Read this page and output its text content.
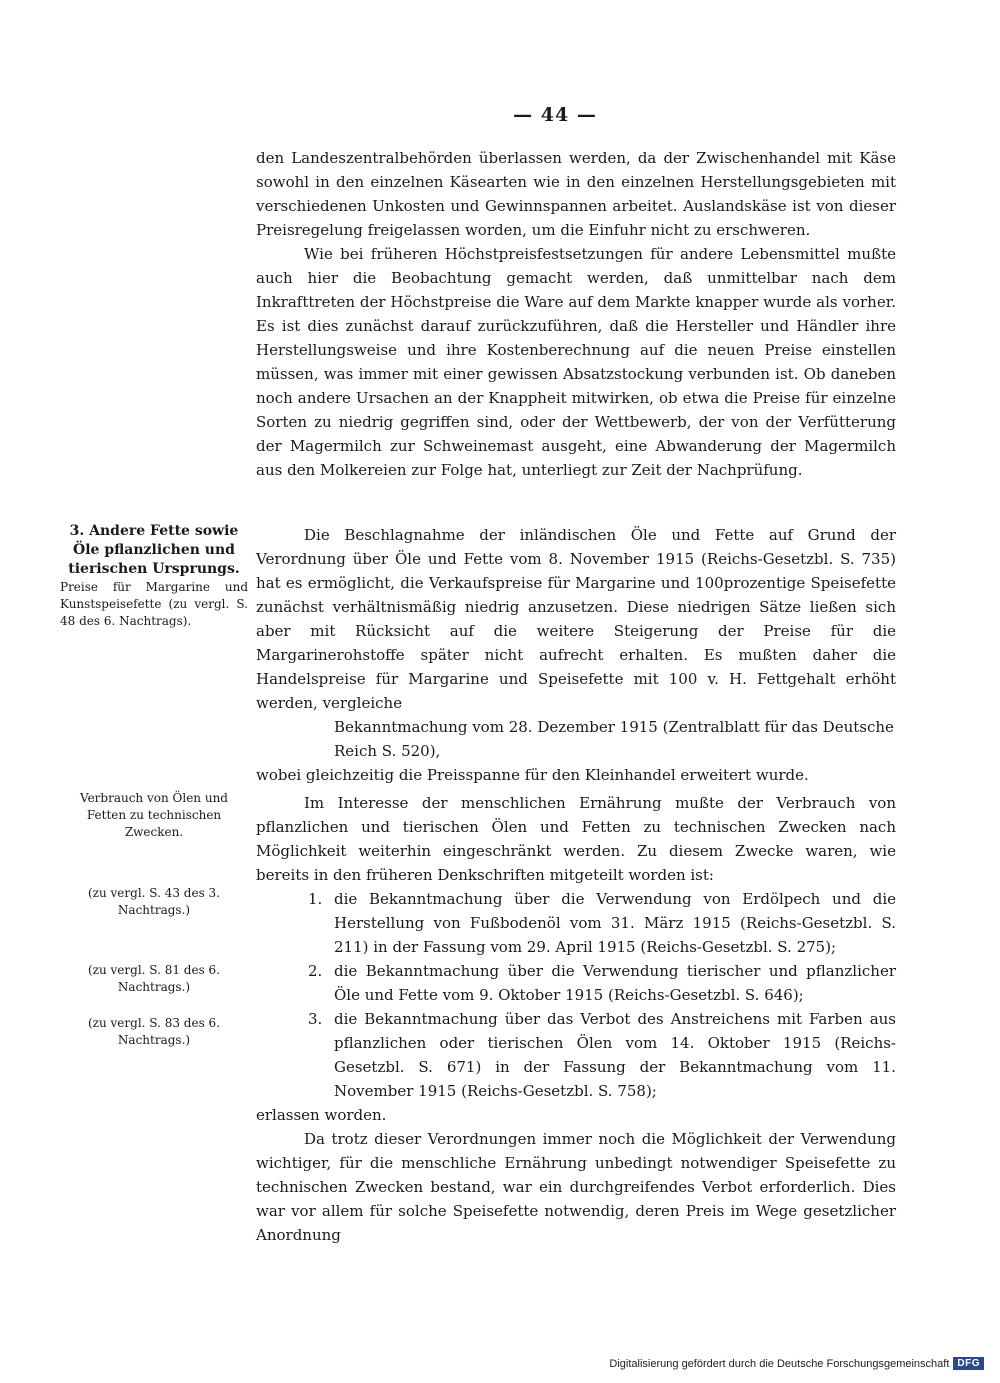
— 44 —

den Landeszentralbehörden überlassen werden, da der Zwischenhandel mit Käse sowohl in den einzelnen Käsearten wie in den einzelnen Herstellungsgebieten mit verschiedenen Unkosten und Gewinnspannen arbeitet. Auslandskäse ist von dieser Preisregelung freigelassen worden, um die Einfuhr nicht zu erschweren.

Wie bei früheren Höchstpreisfestsetzungen für andere Lebensmittel mußte auch hier die Beobachtung gemacht werden, daß unmittelbar nach dem Inkrafttreten der Höchstpreise die Ware auf dem Markte knapper wurde als vorher. Es ist dies zunächst darauf zurückzuführen, daß die Hersteller und Händler ihre Herstellungsweise und ihre Kostenberechnung auf die neuen Preise einstellen müssen, was immer mit einer gewissen Absatzstockung verbunden ist. Ob daneben noch andere Ursachen an der Knappheit mitwirken, ob etwa die Preise für einzelne Sorten zu niedrig gegriffen sind, oder der Wettbewerb, der von der Verfütterung der Magermilch zur Schweinemast ausgeht, eine Abwanderung der Magermilch aus den Molkereien zur Folge hat, unterliegt zur Zeit der Nachprüfung.

3. Andere Fette sowie Öle pflanzlichen und tierischen Ursprungs.
Preise für Margarine und Kunstspeisefette (zu vergl. S. 48 des 6. Nachtrags).

Die Beschlagnahme der inländischen Öle und Fette auf Grund der Verordnung über Öle und Fette vom 8. November 1915 (Reichs-Gesetzbl. S. 735) hat es ermöglicht, die Verkaufspreise für Margarine und 100prozentige Speisefette zunächst verhältnismäßig niedrig anzusetzen. Diese niedrigen Sätze ließen sich aber mit Rücksicht auf die weitere Steigerung der Preise für die Margarinerohstoffe später nicht aufrecht erhalten. Es mußten daher die Handelspreise für Margarine und Speisefette mit 100 v. H. Fettgehalt erhöht werden, vergleiche

Bekanntmachung vom 28. Dezember 1915 (Zentralblatt für das Deutsche Reich S. 520),

wobei gleichzeitig die Preisspanne für den Kleinhandel erweitert wurde.

Verbrauch von Ölen und Fetten zu technischen Zwecken.
(zu vergl. S. 43 des 3. Nachtrags.)
(zu vergl. S. 81 des 6. Nachtrags.)
(zu vergl. S. 83 des 6. Nachtrags.)

Im Interesse der menschlichen Ernährung mußte der Verbrauch von pflanzlichen und tierischen Ölen und Fetten zu technischen Zwecken nach Möglichkeit weiterhin eingeschränkt werden. Zu diesem Zwecke waren, wie bereits in den früheren Denkschriften mitgeteilt worden ist:

1. die Bekanntmachung über die Verwendung von Erdölpech und die Herstellung von Fußbodenöl vom 31. März 1915 (Reichs-Gesetzbl. S. 211) in der Fassung vom 29. April 1915 (Reichs-Gesetzbl. S. 275);
2. die Bekanntmachung über die Verwendung tierischer und pflanzlicher Öle und Fette vom 9. Oktober 1915 (Reichs-Gesetzbl. S. 646);
3. die Bekanntmachung über das Verbot des Anstreichens mit Farben aus pflanzlichen oder tierischen Ölen vom 14. Oktober 1915 (Reichs-Gesetzbl. S. 671) in der Fassung der Bekanntmachung vom 11. November 1915 (Reichs-Gesetzbl. S. 758);

erlassen worden.

Da trotz dieser Verordnungen immer noch die Möglichkeit der Verwendung wichtiger, für die menschliche Ernährung unbedingt notwendiger Speisefette zu technischen Zwecken bestand, war ein durchgreifendes Verbot erforderlich. Dies war vor allem für solche Speisefette notwendig, deren Preis im Wege gesetzlicher Anordnung

Digitalisierung gefördert durch die Deutsche Forschungsgemeinschaft DFG
